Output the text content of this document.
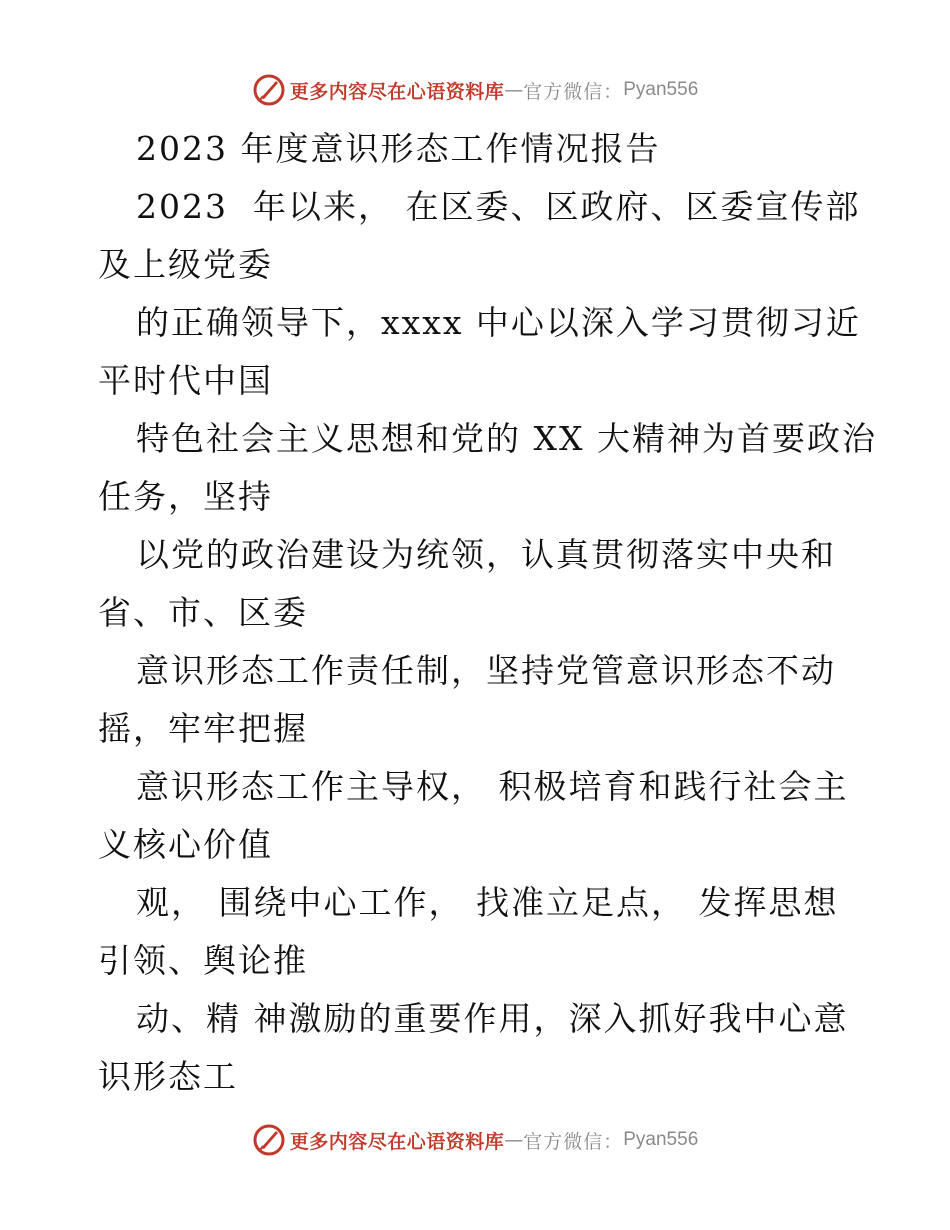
更多内容尽在心语资料库 — 官方微信： Pyan556
2023 年度意识形态工作情况报告
2023  年以来， 在区委、区政府、区委宣传部
及上级党委
的正确领导下，xxxx 中心以深入学习贯彻习近
平时代中国
特色社会主义思想和党的 XX 大精神为首要政治
任务，坚持
以党的政治建设为统领，认真贯彻落实中央和
省、市、区委
意识形态工作责任制，坚持党管意识形态不动
摇，牢牢把握
意识形态工作主导权， 积极培育和践行社会主
义核心价值
观， 围绕中心工作， 找准立足点， 发挥思想
引领、舆论推
动、精 神激励的重要作用，深入抓好我中心意
识形态工
更多内容尽在心语资料库 — 官方微信： Pyan556
